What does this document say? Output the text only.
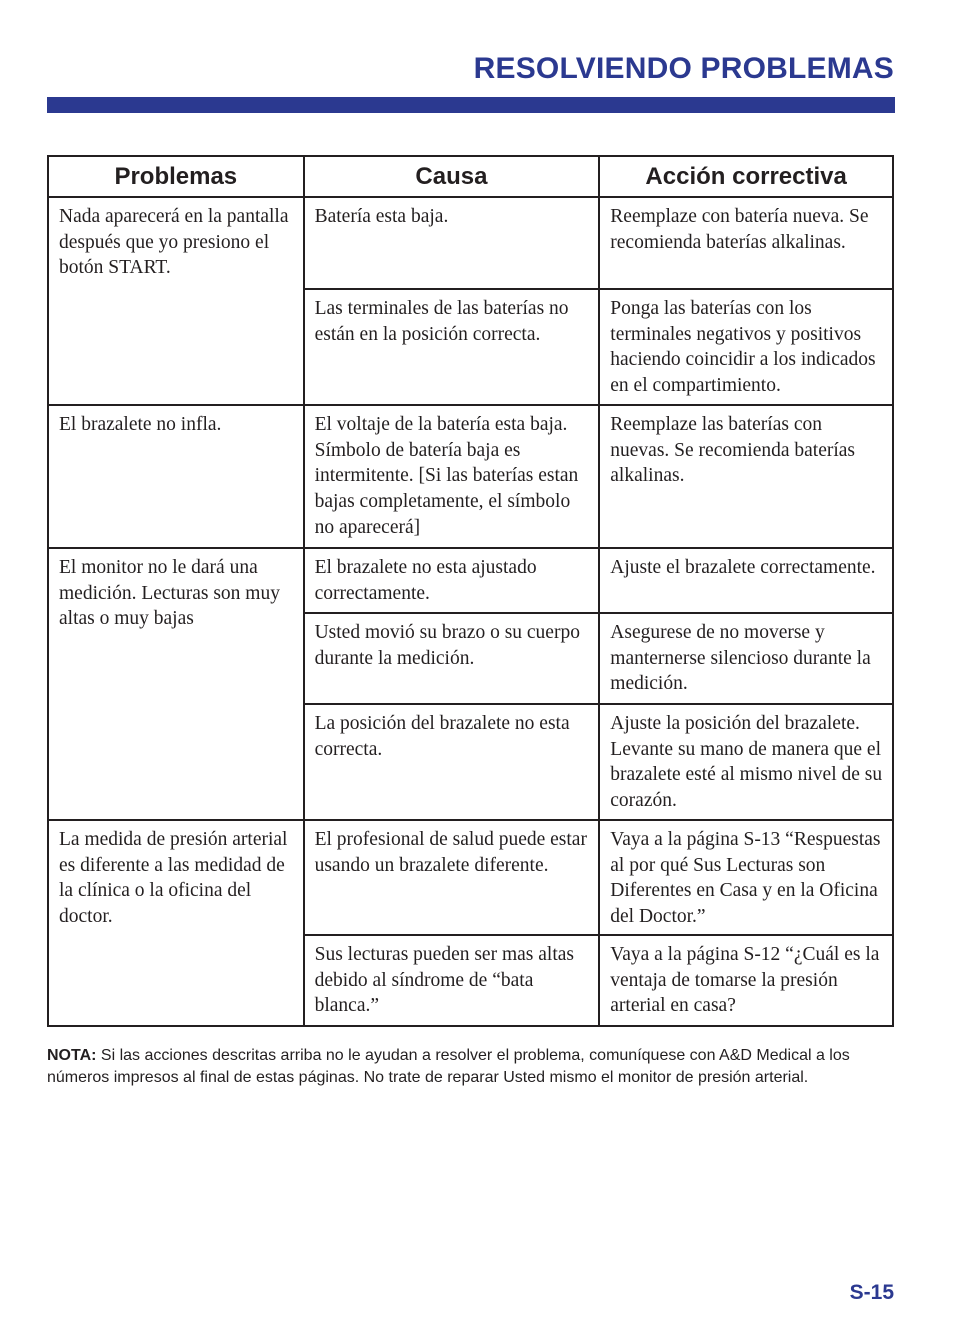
RESOLVIENDO PROBLEMAS
Problemas	Causa	Acción correctiva
Nada aparecerá en la pantalla después que yo presiono el botón START.	Batería esta baja.	Reemplaze con batería nueva. Se recomienda baterías alkalinas.
	Las terminales de las baterías no están en la posición correcta.	Ponga las baterías con los terminales negativos y positivos haciendo coincidir a los indicados en el compartimiento.
El brazalete no infla.	El voltaje de la batería esta baja. Símbolo de batería baja es intermitente. [Si las baterías estan bajas completamente, el símbolo no aparecerá]	Reemplaze las baterías con nuevas. Se recomienda baterías alkalinas.
El monitor no le dará una medición. Lecturas son muy altas o muy bajas	El brazalete no esta ajustado correctamente.	Ajuste el brazalete correctamente.
	Usted movió su brazo o su cuerpo durante la medición.	Asegurese de no moverse y manternerse silencioso durante la medición.
	La posición del brazalete no esta correcta.	Ajuste la posición del brazalete. Levante su mano de manera que el brazalete esté al mismo nivel de su corazón.
La medida de presión arterial es diferente a las medidad de la clínica o la oficina del doctor.	El profesional de salud puede estar usando un brazalete diferente.	Vaya a la página S-13 “Respuestas al por qué Sus Lecturas son Diferentes en Casa y en la Oficina del Doctor.”
	Sus lecturas pueden ser mas altas debido al síndrome de “bata blanca.”	Vaya a la página S-12 “¿Cuál es la ventaja de tomarse la presión arterial en casa?
NOTA: Si las acciones descritas arriba no le ayudan a resolver el problema, comuníquese con A&D Medical a los números impresos al final de estas páginas. No trate de reparar Usted mismo el monitor de presión arterial.
S-15
